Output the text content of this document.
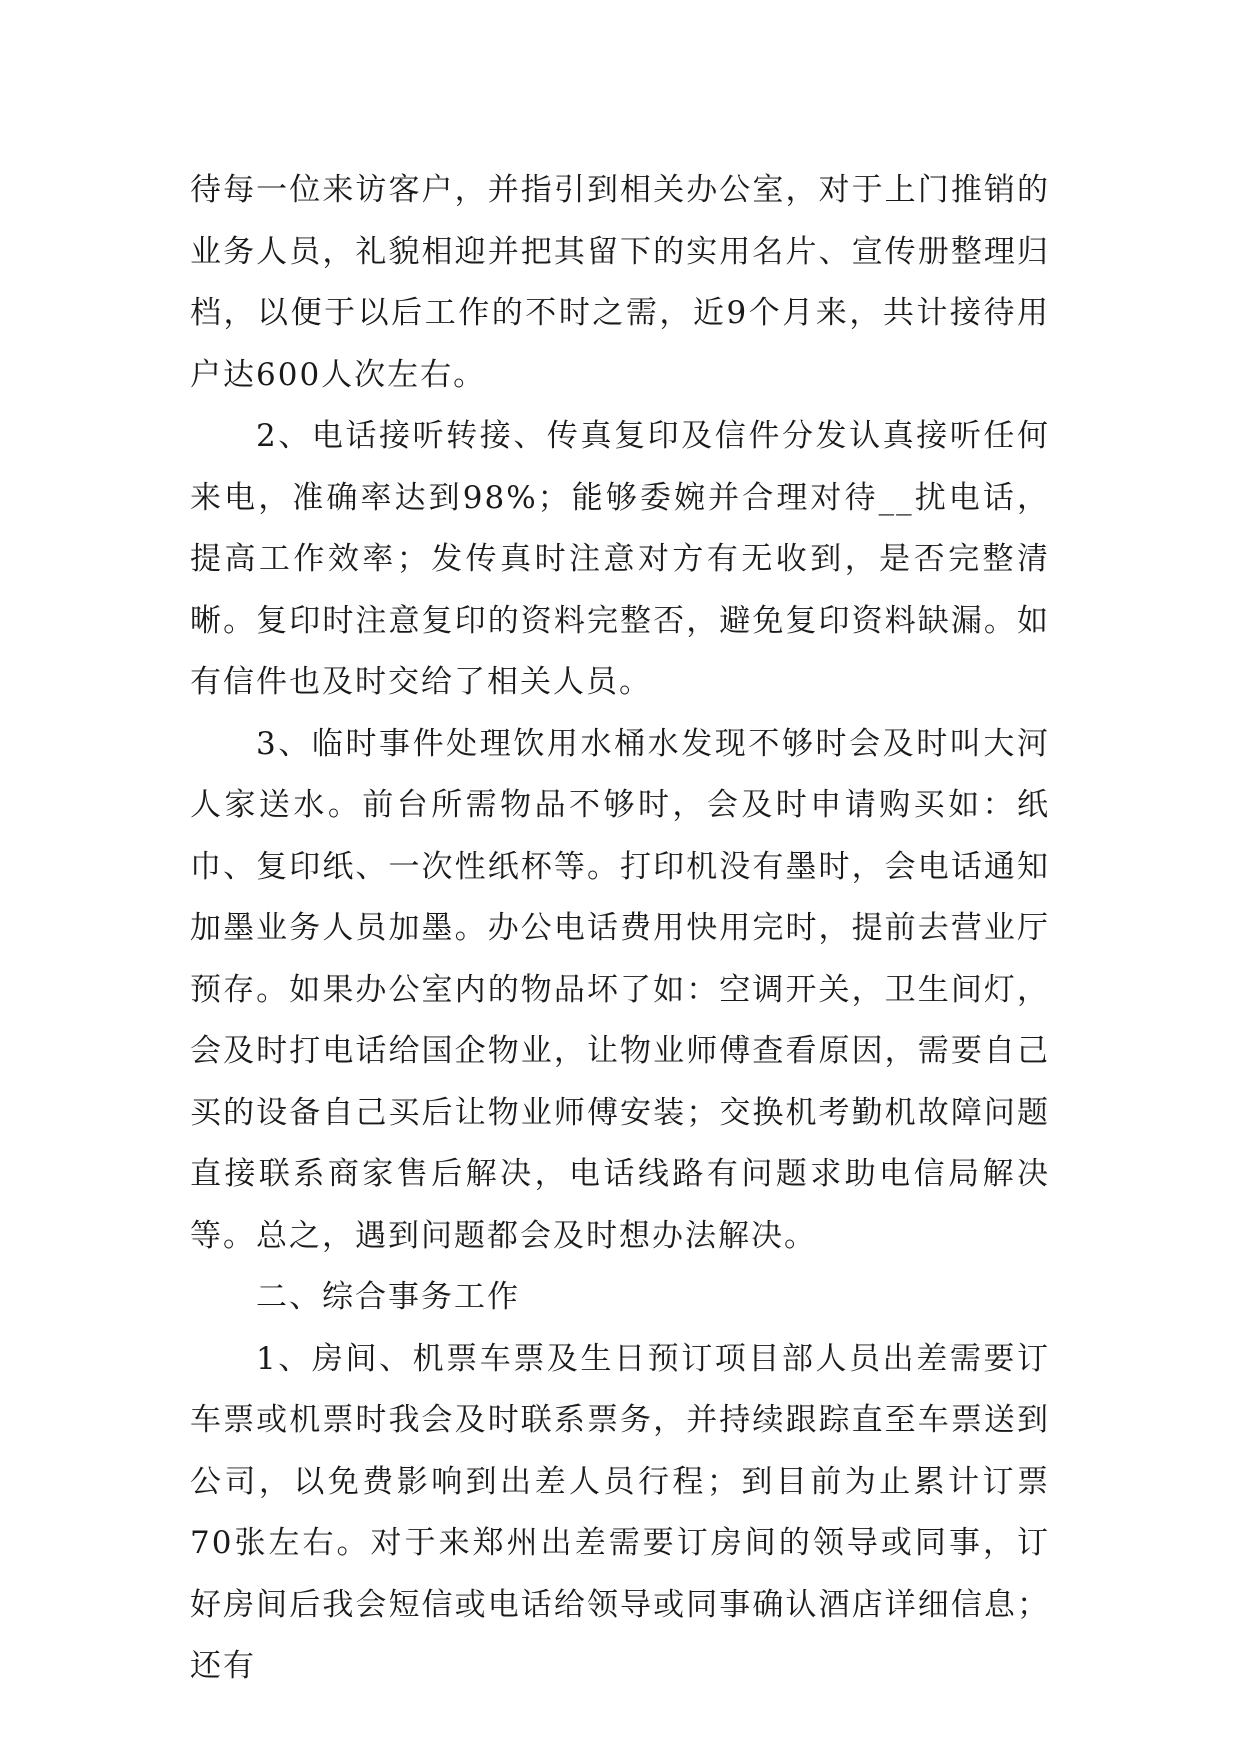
待每一位来访客户，并指引到相关办公室，对于上门推销的业务人员，礼貌相迎并把其留下的实用名片、宣传册整理归档，以便于以后工作的不时之需，近9个月来，共计接待用户达600人次左右。

2、电话接听转接、传真复印及信件分发认真接听任何来电，准确率达到98%；能够委婉并合理对待__扰电话，提高工作效率；发传真时注意对方有无收到，是否完整清晰。复印时注意复印的资料完整否，避免复印资料缺漏。如有信件也及时交给了相关人员。

3、临时事件处理饮用水桶水发现不够时会及时叫大河人家送水。前台所需物品不够时，会及时申请购买如：纸巾、复印纸、一次性纸杯等。打印机没有墨时，会电话通知加墨业务人员加墨。办公电话费用快用完时，提前去营业厅预存。如果办公室内的物品坏了如：空调开关，卫生间灯，会及时打电话给国企物业，让物业师傅查看原因，需要自己买的设备自己买后让物业师傅安装；交换机考勤机故障问题直接联系商家售后解决，电话线路有问题求助电信局解决等。总之，遇到问题都会及时想办法解决。

二、综合事务工作

1、房间、机票车票及生日预订项目部人员出差需要订车票或机票时我会及时联系票务，并持续跟踪直至车票送到公司，以免费影响到出差人员行程；到目前为止累计订票70张左右。对于来郑州出差需要订房间的领导或同事，订好房间后我会短信或电话给领导或同事确认酒店详细信息；还有
